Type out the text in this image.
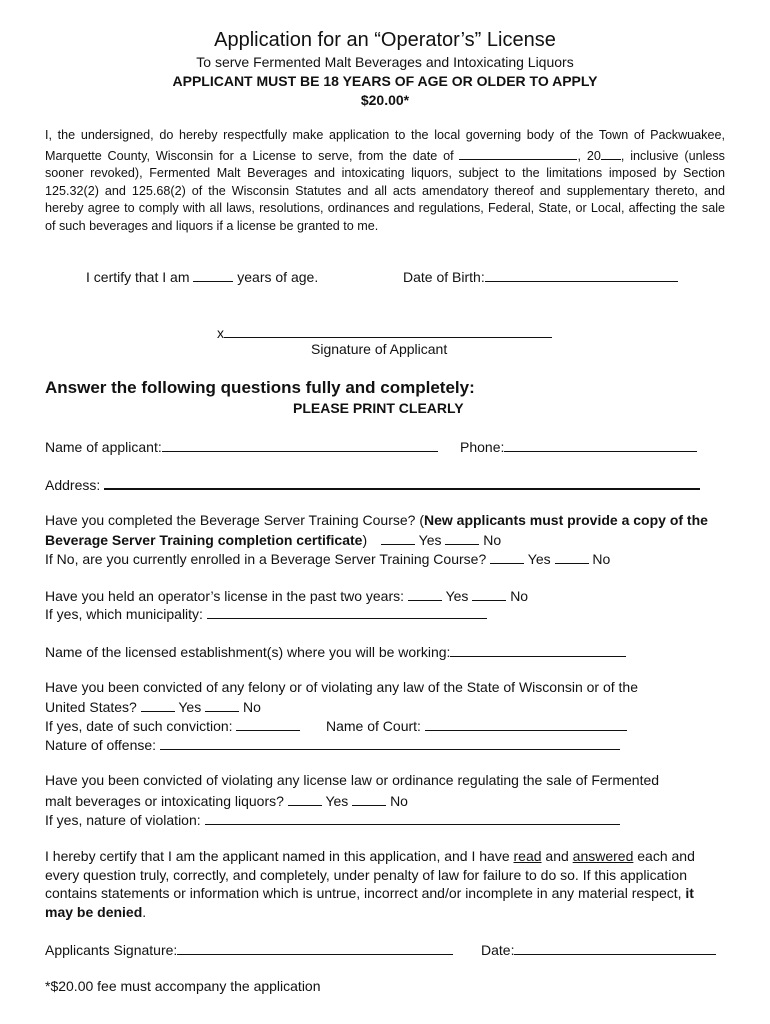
Application for an “Operator’s” License
To serve Fermented Malt Beverages and Intoxicating Liquors
APPLICANT MUST BE 18 YEARS OF AGE OR OLDER TO APPLY
$20.00*
I, the undersigned, do hereby respectfully make application to the local governing body of the Town of Packwuakee, Marquette County, Wisconsin for a License to serve, from the date of	, 20 , inclusive (unless sooner revoked), Fermented Malt Beverages and intoxicating liquors, subject to the limitations imposed by Section 125.32(2) and 125.68(2) of the Wisconsin Statutes and all acts amendatory thereof and supplementary thereto, and hereby agree to comply with all laws, resolutions, ordinances and regulations, Federal, State, or Local, affecting the sale of such beverages and liquors if a license be granted to me.
I certify that I am	years of age.	Date of Birth:
x
Signature of Applicant
Answer the following questions fully and completely:
PLEASE PRINT CLEARLY
Name of applicant:	Phone:
Address:
Have you completed the Beverage Server Training Course? (New applicants must provide a copy of the Beverage Server Training completion certificate)	Yes	No
If No, are you currently enrolled in a Beverage Server Training Course?	Yes	No
Have you held an operator’s license in the past two years:	Yes	No
If yes, which municipality:
Name of the licensed establishment(s) where you will be working:
Have you been convicted of any felony or of violating any law of the State of Wisconsin or of the
United States?	Yes	No
If yes, date of such conviction:	Name of Court:
Nature of offense:
Have you been convicted of violating any license law or ordinance regulating the sale of Fermented
malt beverages or intoxicating liquors?	Yes	No
If yes, nature of violation:
I hereby certify that I am the applicant named in this application, and I have read and answered each and every question truly, correctly, and completely, under penalty of law for failure to do so. If this application contains statements or information which is untrue, incorrect and/or incomplete in any material respect, it may be denied.
Applicants Signature:	Date:
*$20.00 fee must accompany the application
